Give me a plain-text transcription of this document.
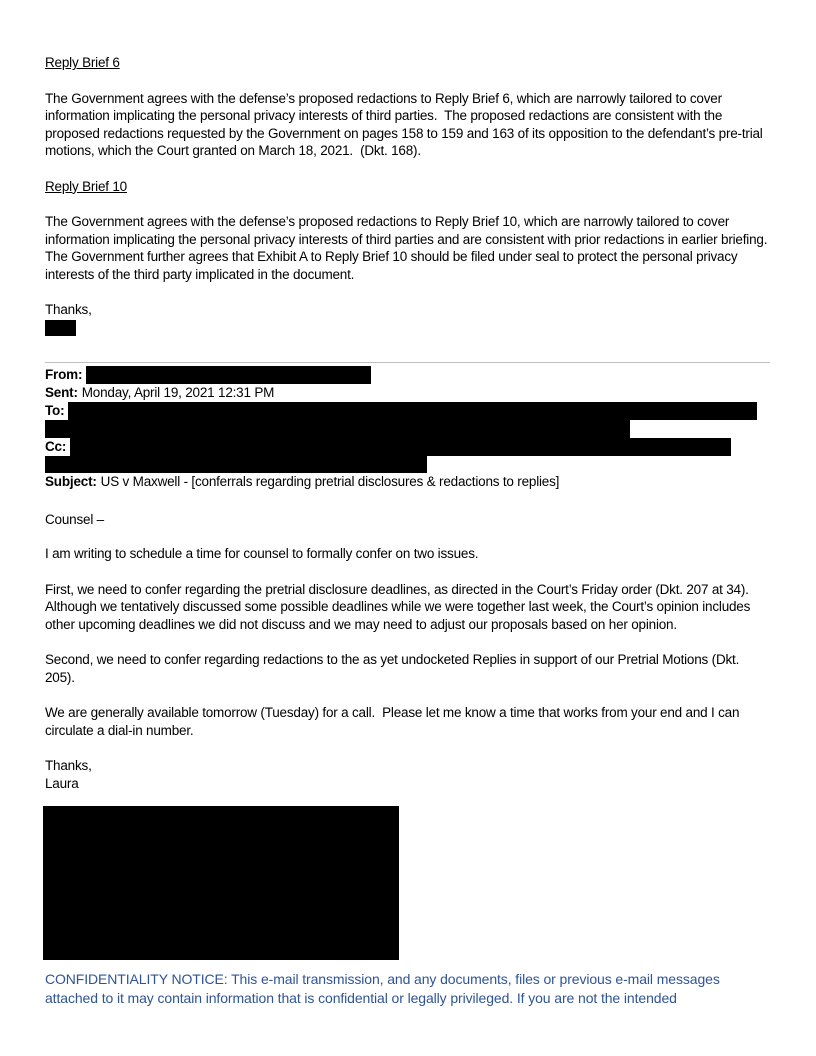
Reply Brief 6

The Government agrees with the defense’s proposed redactions to Reply Brief 6, which are narrowly tailored to cover information implicating the personal privacy interests of third parties.  The proposed redactions are consistent with the proposed redactions requested by the Government on pages 158 to 159 and 163 of its opposition to the defendant’s pre-trial motions, which the Court granted on March 18, 2021.  (Dkt. 168).

Reply Brief 10

The Government agrees with the defense’s proposed redactions to Reply Brief 10, which are narrowly tailored to cover information implicating the personal privacy interests of third parties and are consistent with prior redactions in earlier briefing.  The Government further agrees that Exhibit A to Reply Brief 10 should be filed under seal to protect the personal privacy interests of the third party implicated in the document.

Thanks,

From:
Sent: Monday, April 19, 2021 12:31 PM
To:
Cc:
Subject: US v Maxwell - [conferrals regarding pretrial disclosures & redactions to replies]

Counsel –

I am writing to schedule a time for counsel to formally confer on two issues.

First, we need to confer regarding the pretrial disclosure deadlines, as directed in the Court’s Friday order (Dkt. 207 at 34).  Although we tentatively discussed some possible deadlines while we were together last week, the Court’s opinion includes other upcoming deadlines we did not discuss and we may need to adjust our proposals based on her opinion.

Second, we need to confer regarding redactions to the as yet undocketed Replies in support of our Pretrial Motions (Dkt. 205).

We are generally available tomorrow (Tuesday) for a call.  Please let me know a time that works from your end and I can circulate a dial-in number.

Thanks,

Laura

CONFIDENTIALITY NOTICE: This e-mail transmission, and any documents, files or previous e-mail messages attached to it may contain information that is confidential or legally privileged. If you are not the intended
